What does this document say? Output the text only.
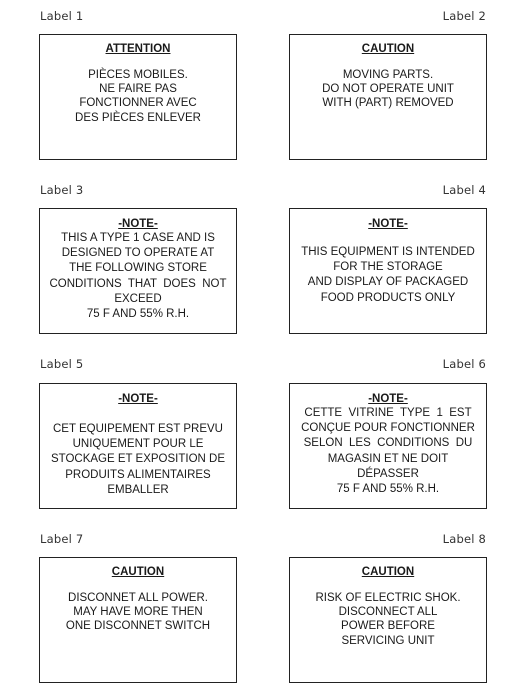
Label 1	Label 2
ATTENTION
PIÈCES MOBILES.
NE FAIRE PAS
FONCTIONNER AVEC
DES PIÈCES ENLEVER
CAUTION
MOVING PARTS.
DO NOT OPERATE UNIT
WITH (PART) REMOVED
Label 3	Label 4
-NOTE-
THIS A TYPE 1 CASE AND IS
DESIGNED TO OPERATE AT
THE FOLLOWING STORE
CONDITIONS  THAT  DOES  NOT
EXCEED
75 F AND 55% R.H.
-NOTE-
THIS EQUIPMENT IS INTENDED
FOR THE STORAGE
AND DISPLAY OF PACKAGED
FOOD PRODUCTS ONLY
Label 5	Label 6
-NOTE-
CET EQUIPEMENT EST PREVU
UNIQUEMENT POUR LE
STOCKAGE ET EXPOSITION DE
PRODUITS ALIMENTAIRES
EMBALLER
-NOTE-
CETTE  VITRINE  TYPE  1  EST
CONÇUE POUR FONCTIONNER
SELON  LES  CONDITIONS  DU
MAGASIN ET NE DOIT
DÉPASSER
75 F AND 55% R.H.
Label 7	Label 8
CAUTION
DISCONNET ALL POWER.
MAY HAVE MORE THEN
ONE DISCONNET SWITCH
CAUTION
RISK OF ELECTRIC SHOK.
DISCONNECT ALL
POWER BEFORE
SERVICING UNIT
